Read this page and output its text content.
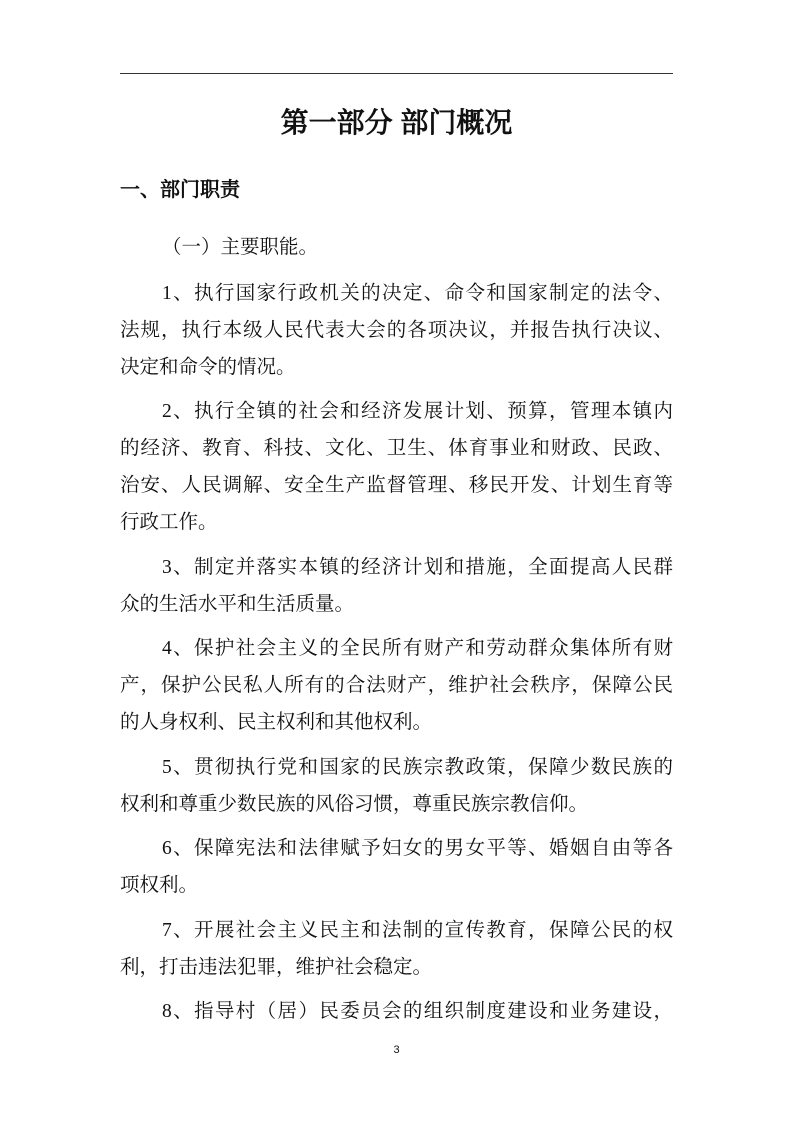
第一部分 部门概况
一、部门职责
（一）主要职能。
1、执行国家行政机关的决定、命令和国家制定的法令、
法规，执行本级人民代表大会的各项决议，并报告执行决议、
决定和命令的情况。
2、执行全镇的社会和经济发展计划、预算，管理本镇内
的经济、教育、科技、文化、卫生、体育事业和财政、民政、
治安、人民调解、安全生产监督管理、移民开发、计划生育等
行政工作。
3、制定并落实本镇的经济计划和措施，全面提高人民群
众的生活水平和生活质量。
4、保护社会主义的全民所有财产和劳动群众集体所有财
产，保护公民私人所有的合法财产，维护社会秩序，保障公民
的人身权利、民主权利和其他权利。
5、贯彻执行党和国家的民族宗教政策，保障少数民族的
权利和尊重少数民族的风俗习惯，尊重民族宗教信仰。
6、保障宪法和法律赋予妇女的男女平等、婚姻自由等各
项权利。
7、开展社会主义民主和法制的宣传教育，保障公民的权
利，打击违法犯罪，维护社会稳定。
8、指导村（居）民委员会的组织制度建设和业务建设，
3
